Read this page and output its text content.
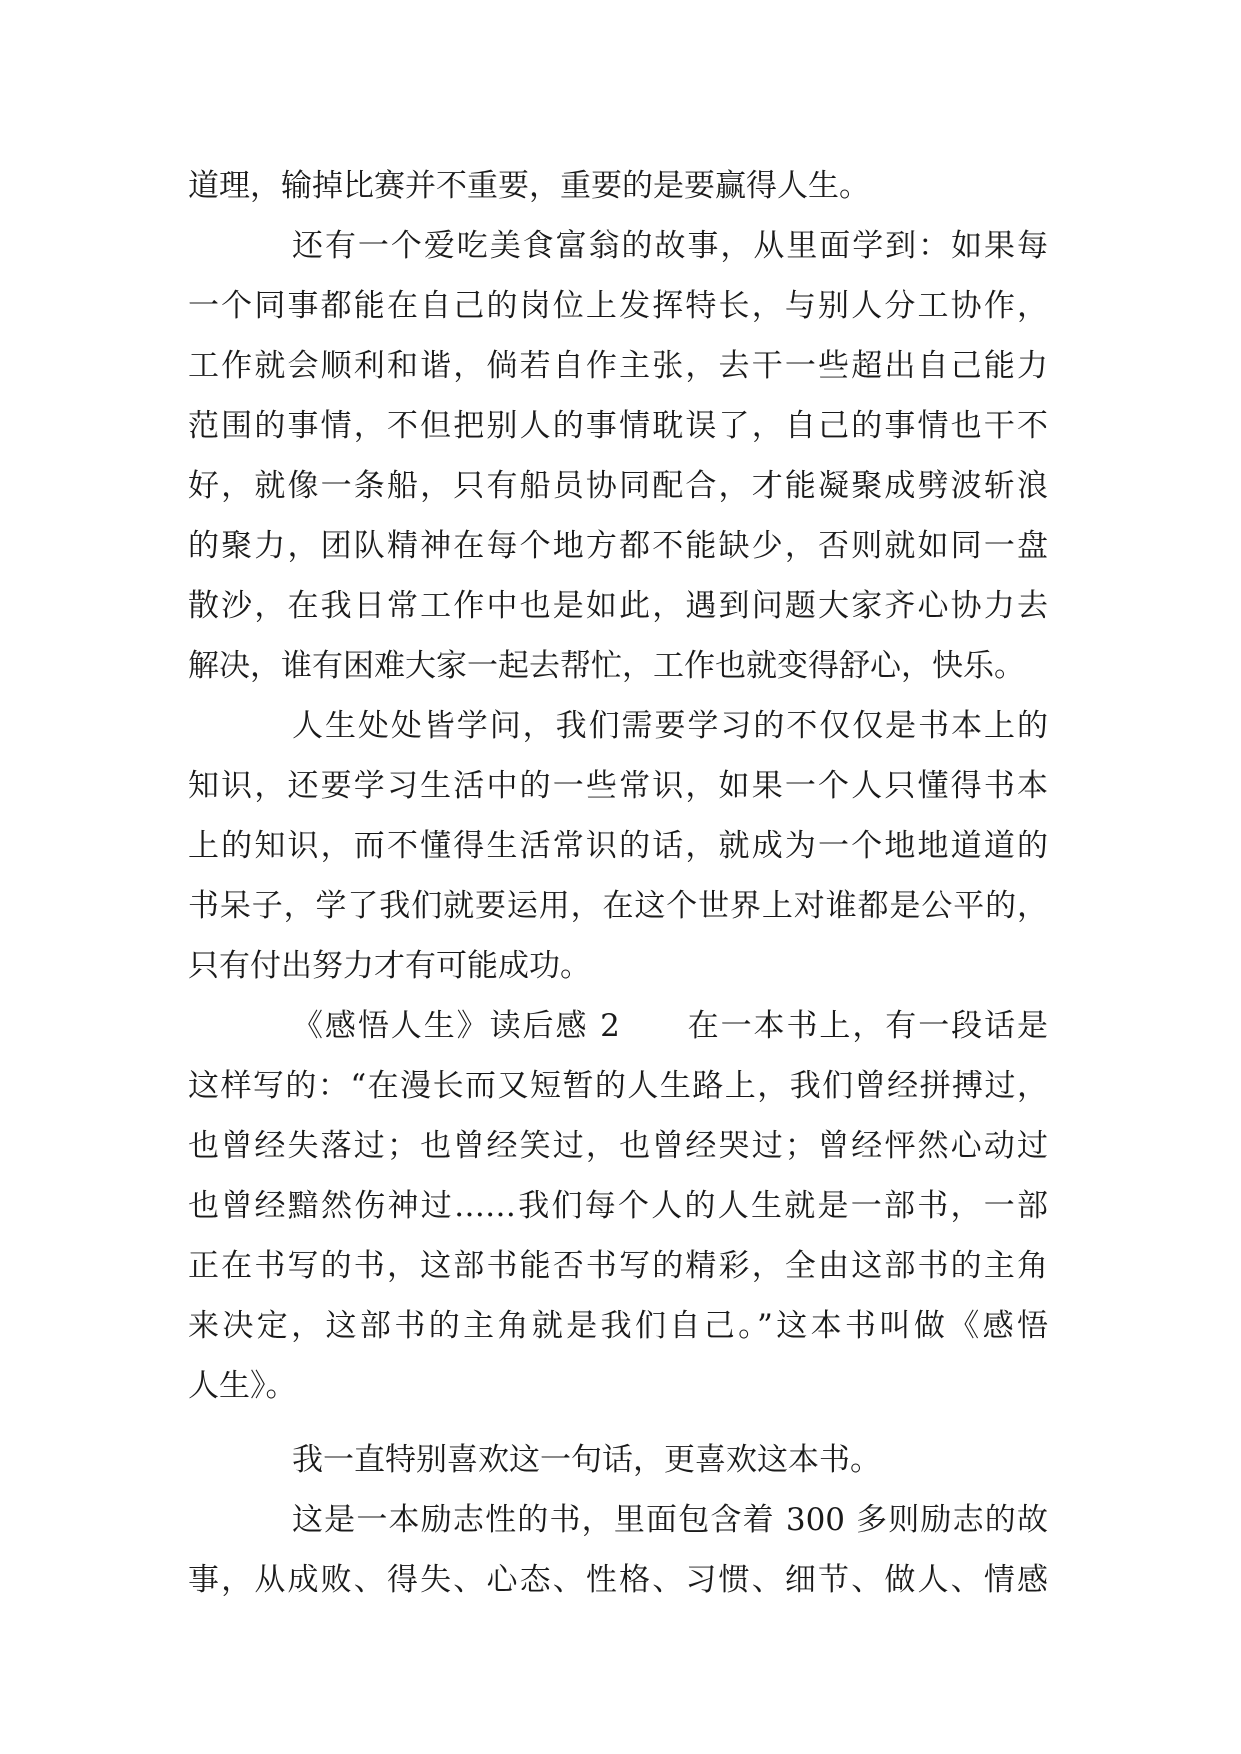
道理，输掉比赛并不重要，重要的是要赢得人生。
还有一个爱吃美食富翁的故事，从里面学到：如果每
一个同事都能在自己的岗位上发挥特长，与别人分工协作，
工作就会顺利和谐，倘若自作主张，去干一些超出自己能力
范围的事情，不但把别人的事情耽误了，自己的事情也干不
好，就像一条船，只有船员协同配合，才能凝聚成劈波斩浪
的聚力，团队精神在每个地方都不能缺少，否则就如同一盘
散沙，在我日常工作中也是如此，遇到问题大家齐心协力去
解决，谁有困难大家一起去帮忙，工作也就变得舒心，快乐。
人生处处皆学问，我们需要学习的不仅仅是书本上的
知识，还要学习生活中的一些常识，如果一个人只懂得书本
上的知识，而不懂得生活常识的话，就成为一个地地道道的
书呆子，学了我们就要运用，在这个世界上对谁都是公平的，
只有付出努力才有可能成功。
《感悟人生》读后感 2　　在一本书上，有一段话是
这样写的：“在漫长而又短暂的人生路上，我们曾经拼搏过，
也曾经失落过；也曾经笑过，也曾经哭过；曾经怦然心动过
也曾经黯然伤神过……我们每个人的人生就是一部书，一部
正在书写的书，这部书能否书写的精彩，全由这部书的主角
来决定，这部书的主角就是我们自己。”这本书叫做《感悟
人生》。
我一直特别喜欢这一句话，更喜欢这本书。
这是一本励志性的书，里面包含着 300 多则励志的故
事，从成败、得失、心态、性格、习惯、细节、做人、情感
